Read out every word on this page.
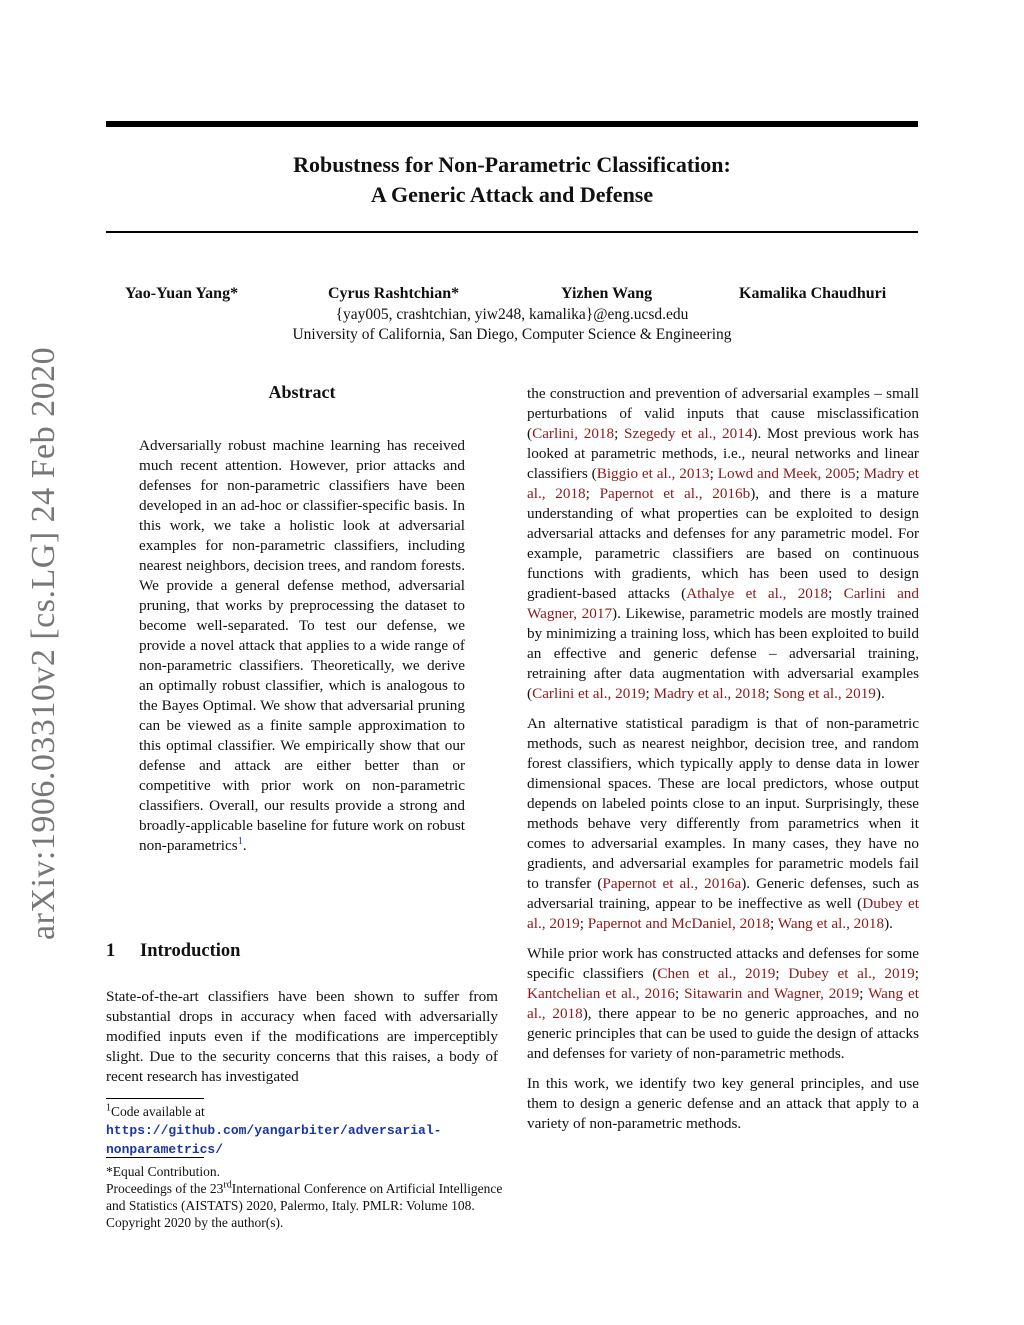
Robustness for Non-Parametric Classification:
A Generic Attack and Defense
Yao-Yuan Yang*	Cyrus Rashtchian*	Yizhen Wang	Kamalika Chaudhuri
{yay005, crashtchian, yiw248, kamalika}@eng.ucsd.edu
University of California, San Diego, Computer Science & Engineering
arXiv:1906.03310v2 [cs.LG] 24 Feb 2020	Abstract
Adversarially robust machine learning has received much recent attention. However, prior attacks and defenses for non-parametric classifiers have been developed in an ad-hoc or classifier-specific basis. In this work, we take a holistic look at adversarial examples for non-parametric classifiers, including nearest neighbors, decision trees, and random forests. We provide a general defense method, adversarial pruning, that works by preprocessing the dataset to become well-separated. To test our defense, we provide a novel attack that applies to a wide range of non-parametric classifiers. Theoretically, we derive an optimally robust classifier, which is analogous to the Bayes Optimal. We show that adversarial pruning can be viewed as a finite sample approximation to this optimal classifier. We empirically show that our defense and attack are either better than or competitive with prior work on non-parametric classifiers. Overall, our results provide a strong and broadly-applicable baseline for future work on robust non-parametrics$^1$.
1 Introduction
State-of-the-art classifiers have been shown to suffer from substantial drops in accuracy when faced with adversarially modified inputs even if the modifications are imperceptibly slight. Due to the security concerns that this raises, a body of recent research has investigated
$^1$Code available at https://github.com/yangarbiter/adversarial-nonparametrics/
*Equal Contribution.
Proceedings of the 23rdInternational Conference on Artificial Intelligence and Statistics (AISTATS) 2020, Palermo, Italy. PMLR: Volume 108. Copyright 2020 by the author(s).

the construction and prevention of adversarial examples – small perturbations of valid inputs that cause misclassification (Carlini, 2018; Szegedy et al., 2014). Most previous work has looked at parametric methods, i.e., neural networks and linear classifiers (Biggio et al., 2013; Lowd and Meek, 2005; Madry et al., 2018; Papernot et al., 2016b), and there is a mature understanding of what properties can be exploited to design adversarial attacks and defenses for any parametric model. For example, parametric classifiers are based on continuous functions with gradients, which has been used to design gradient-based attacks (Athalye et al., 2018; Carlini and Wagner, 2017). Likewise, parametric models are mostly trained by minimizing a training loss, which has been exploited to build an effective and generic defense – adversarial training, retraining after data augmentation with adversarial examples (Carlini et al., 2019; Madry et al., 2018; Song et al., 2019).

An alternative statistical paradigm is that of non-parametric methods, such as nearest neighbor, decision tree, and random forest classifiers, which typically apply to dense data in lower dimensional spaces. These are local predictors, whose output depends on labeled points close to an input. Surprisingly, these methods behave very differently from parametrics when it comes to adversarial examples. In many cases, they have no gradients, and adversarial examples for parametric models fail to transfer (Papernot et al., 2016a). Generic defenses, such as adversarial training, appear to be ineffective as well (Dubey et al., 2019; Papernot and McDaniel, 2018; Wang et al., 2018).

While prior work has constructed attacks and defenses for some specific classifiers (Chen et al., 2019; Dubey et al., 2019; Kantchelian et al., 2016; Sitawarin and Wagner, 2019; Wang et al., 2018), there appear to be no generic approaches, and no generic principles that can be used to guide the design of attacks and defenses for variety of non-parametric methods.

In this work, we identify two key general principles, and use them to design a generic defense and an attack that apply to a variety of non-parametric methods.
